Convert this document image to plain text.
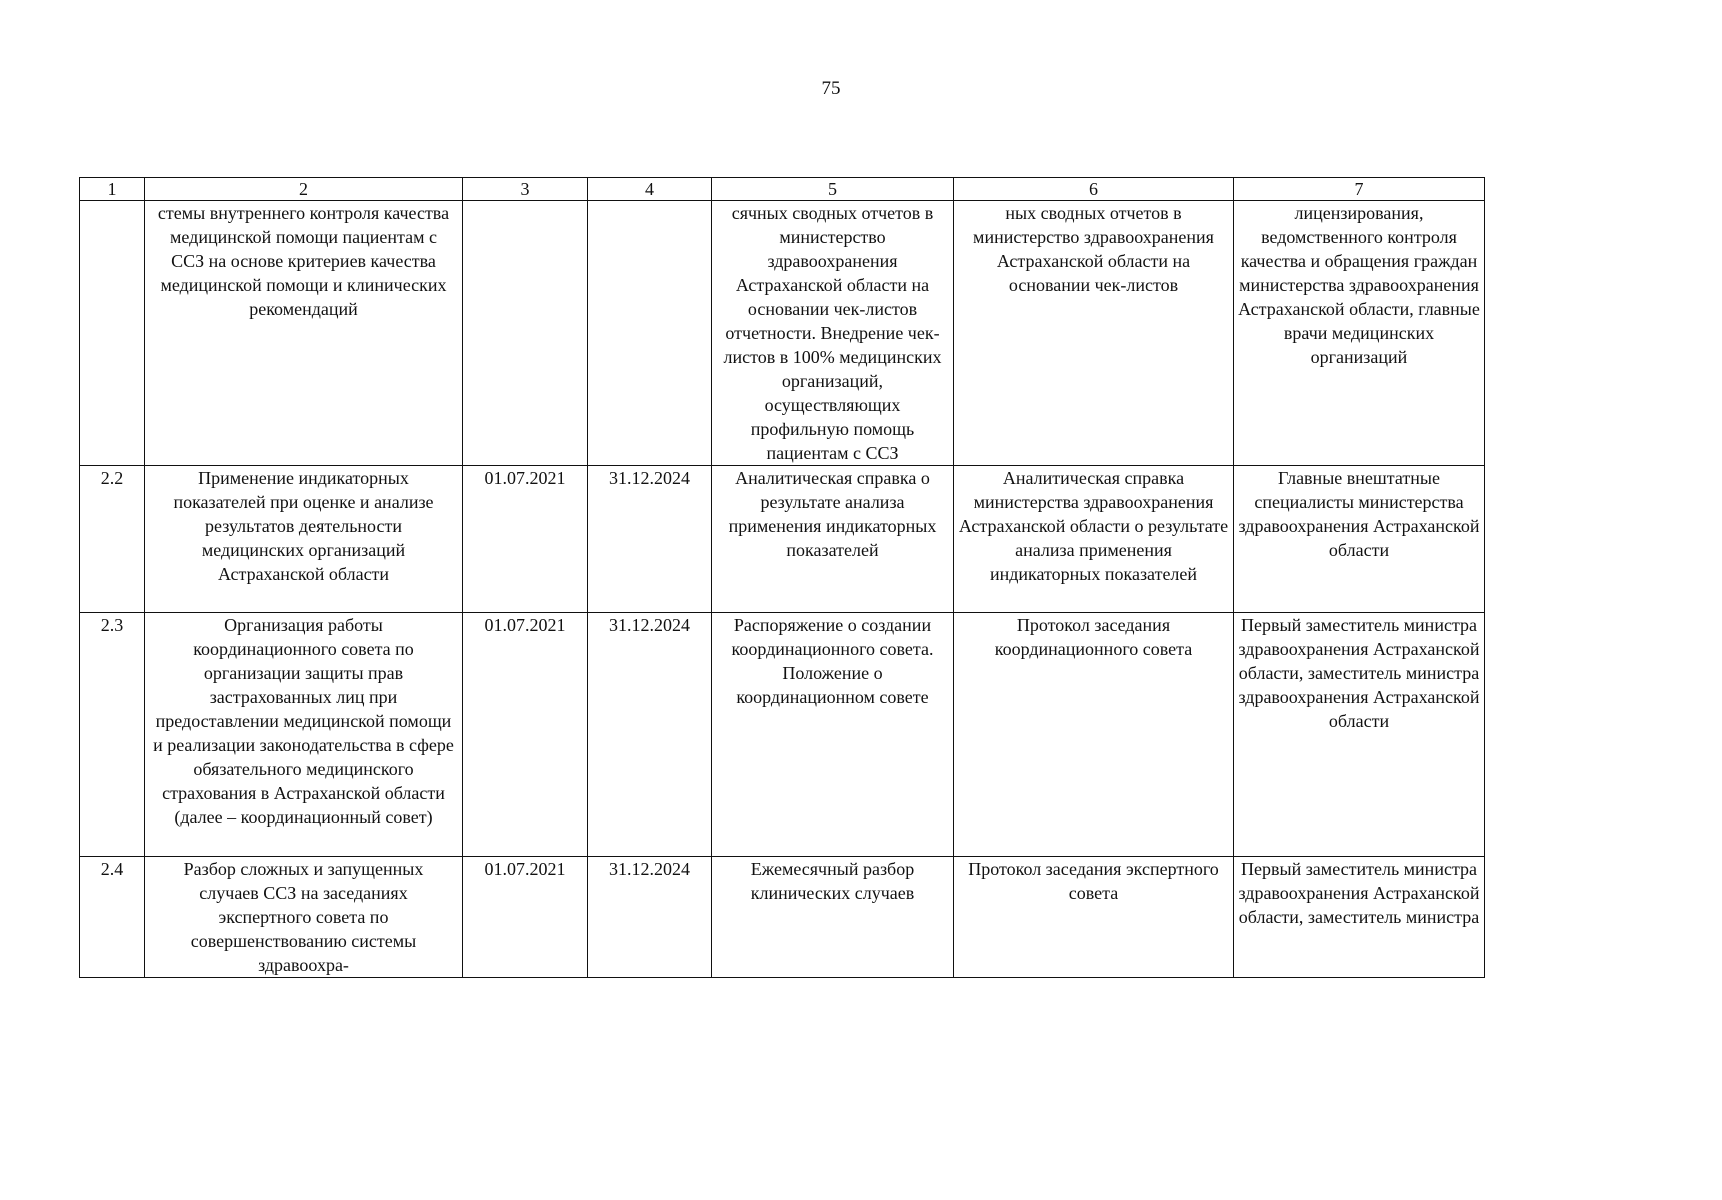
75
1	2	3	4	5	6	7
	стемы внутреннего контроля качества медицинской помощи пациентам с ССЗ на основе критериев качества медицинской помощи и клинических рекомендаций			сячных сводных отчетов в министерство здравоохранения Астраханской области на основании чек-листов отчетности. Внедрение чек-листов в 100% медицинских организаций, осуществляющих профильную помощь пациентам с ССЗ	ных сводных отчетов в министерство здравоохранения Астраханской области на основании чек-листов	лицензирования, ведомственного контроля качества и обращения граждан министерства здравоохранения Астраханской области, главные врачи медицинских организаций
2.2	Применение индикаторных показателей при оценке и анализе результатов деятельности медицинских организаций Астраханской области	01.07.2021	31.12.2024	Аналитическая справка о результате анализа применения индикаторных показателей	Аналитическая справка министерства здравоохранения Астраханской области о результате анализа применения индикаторных показателей	Главные внештатные специалисты министерства здравоохранения Астраханской области
2.3	Организация работы координационного совета по организации защиты прав застрахованных лиц при предоставлении медицинской помощи и реализации законодательства в сфере обязательного медицинского страхования в Астраханской области (далее – координационный совет)	01.07.2021	31.12.2024	Распоряжение о создании координационного совета. Положение о координационном совете	Протокол заседания координационного совета	Первый заместитель министра здравоохранения Астраханской области, заместитель министра здравоохранения Астраханской области
2.4	Разбор сложных и запущенных случаев ССЗ на заседаниях экспертного совета по совершенствованию системы здравоохра-	01.07.2021	31.12.2024	Ежемесячный разбор клинических случаев	Протокол заседания экспертного совета	Первый заместитель министра здравоохранения Астраханской области, заместитель министра
